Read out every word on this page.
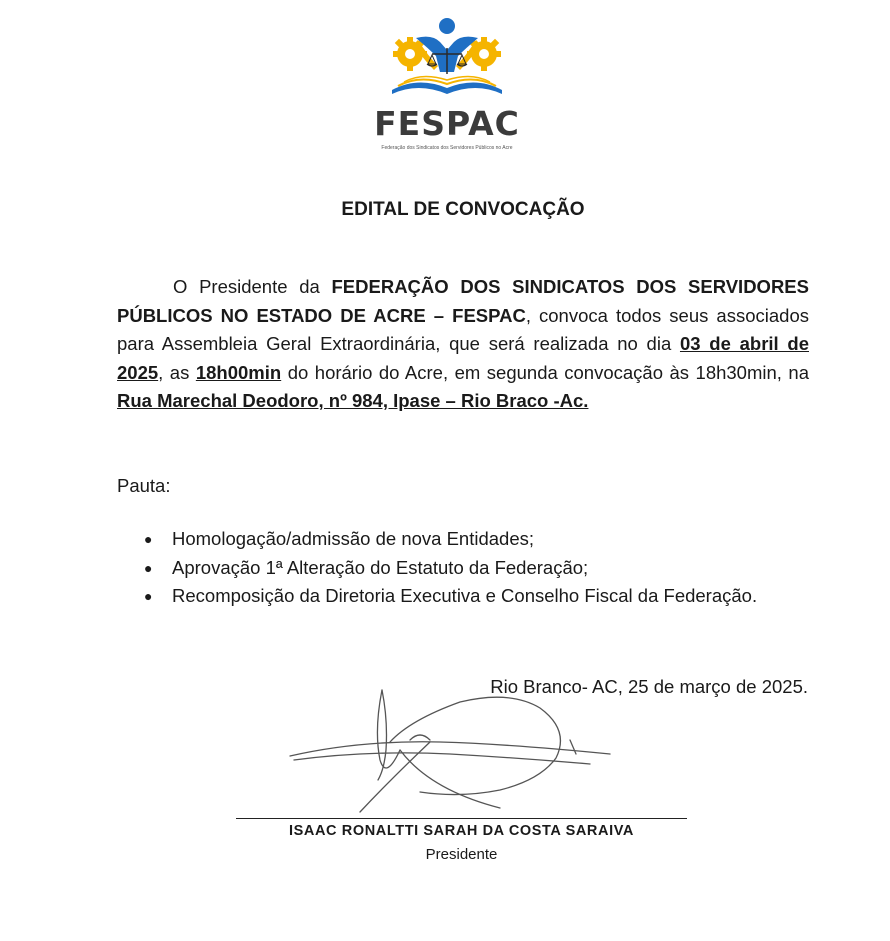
FESPAC
Federação dos Sindicatos dos Servidores Públicos no Acre
EDITAL DE CONVOCAÇÃO
O Presidente da FEDERAÇÃO DOS SINDICATOS DOS SERVIDORES PÚBLICOS NO ESTADO DE ACRE – FESPAC, convoca todos seus associados para Assembleia Geral Extraordinária, que será realizada no dia 03 de abril de 2025, as 18h00min do horário do Acre, em segunda convocação às 18h30min, na Rua Marechal Deodoro, nº 984, Ipase – Rio Braco -Ac.
Pauta:
● Homologação/admissão de nova Entidades;
● Aprovação 1ª Alteração do Estatuto da Federação;
● Recomposição da Diretoria Executiva e Conselho Fiscal da Federação.
Rio Branco- AC, 25 de março de 2025.
ISAAC RONALTTI SARAH DA COSTA SARAIVA
Presidente
